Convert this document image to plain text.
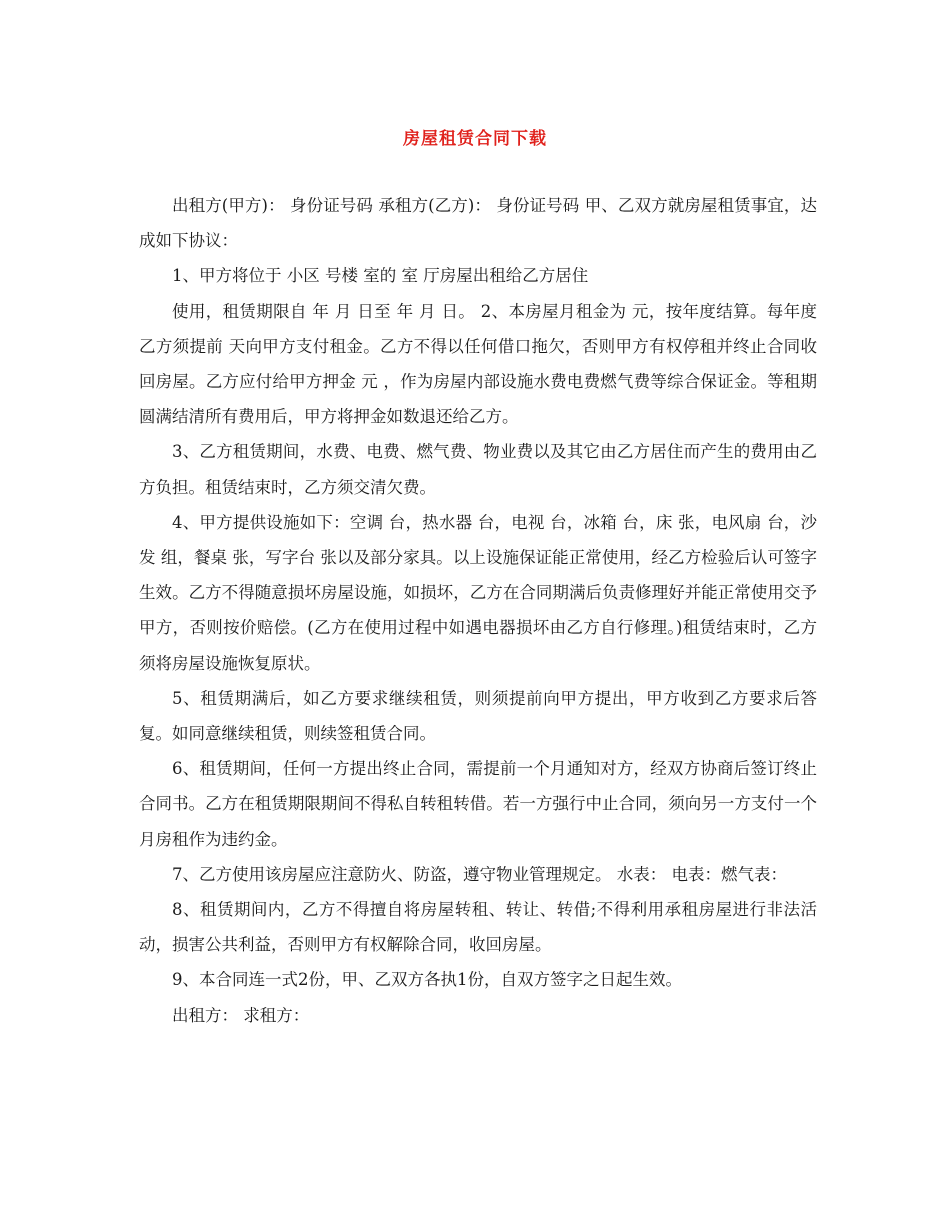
房屋租赁合同下载

出租方(甲方)： 身份证号码 承租方(乙方)： 身份证号码 甲、乙双方就房屋租赁事宜，达成如下协议：

1、甲方将位于 小区 号楼 室的 室 厅房屋出租给乙方居住

使用，租赁期限自 年 月 日至 年 月 日。 2、本房屋月租金为 元，按年度结算。每年度乙方须提前 天向甲方支付租金。乙方不得以任何借口拖欠，否则甲方有权停租并终止合同收回房屋。乙方应付给甲方押金 元 ，作为房屋内部设施水费电费燃气费等综合保证金。等租期圆满结清所有费用后，甲方将押金如数退还给乙方。

3、乙方租赁期间，水费、电费、燃气费、物业费以及其它由乙方居住而产生的费用由乙方负担。租赁结束时，乙方须交清欠费。

4、甲方提供设施如下：空调 台，热水器 台，电视 台，冰箱 台，床 张，电风扇 台，沙发 组，餐桌 张，写字台 张以及部分家具。以上设施保证能正常使用，经乙方检验后认可签字生效。乙方不得随意损坏房屋设施，如损坏，乙方在合同期满后负责修理好并能正常使用交予甲方，否则按价赔偿。(乙方在使用过程中如遇电器损坏由乙方自行修理。)租赁结束时，乙方须将房屋设施恢复原状。

5、租赁期满后，如乙方要求继续租赁，则须提前向甲方提出，甲方收到乙方要求后答复。如同意继续租赁，则续签租赁合同。

6、租赁期间，任何一方提出终止合同，需提前一个月通知对方，经双方协商后签订终止合同书。乙方在租赁期限期间不得私自转租转借。若一方强行中止合同，须向另一方支付一个月房租作为违约金。

7、乙方使用该房屋应注意防火、防盗，遵守物业管理规定。 水表： 电表：燃气表：

8、租赁期间内，乙方不得擅自将房屋转租、转让、转借;不得利用承租房屋进行非法活动，损害公共利益，否则甲方有权解除合同，收回房屋。

9、本合同连一式2份，甲、乙双方各执1份，自双方签字之日起生效。

出租方： 求租方：
